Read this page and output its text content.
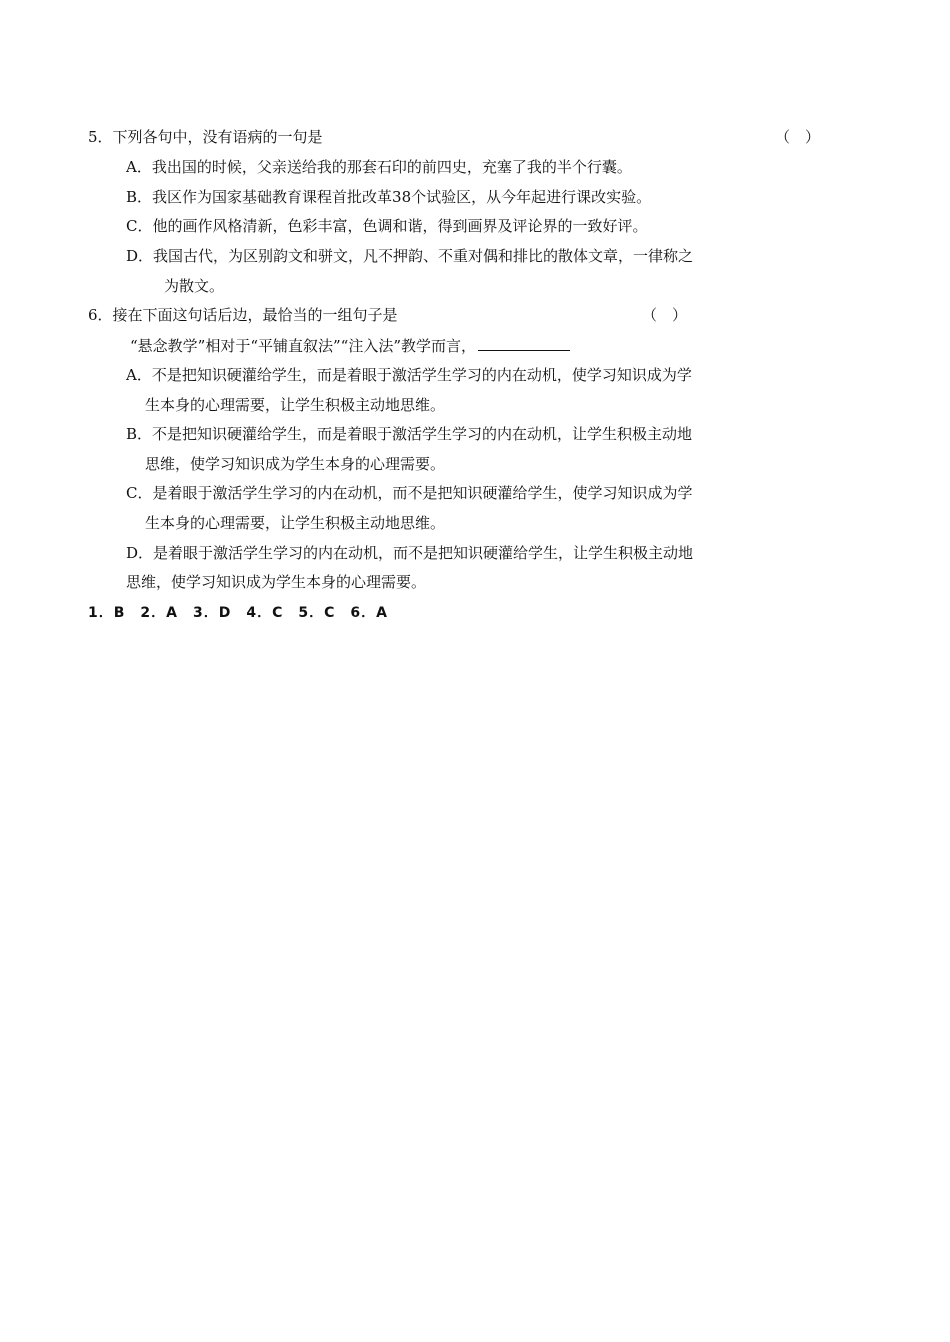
5．下列各句中，没有语病的一句是	（　）
A．我出国的时候，父亲送给我的那套石印的前四史，充塞了我的半个行囊。
B．我区作为国家基础教育课程首批改革38个试验区，从今年起进行课改实验。
C．他的画作风格清新，色彩丰富，色调和谐，得到画界及评论界的一致好评。
D．我国古代，为区别韵文和骈文，凡不押韵、不重对偶和排比的散体文章，一律称之
为散文。
6．接在下面这句话后边，最恰当的一组句子是	（　）
“悬念教学”相对于“平铺直叙法”“注入法”教学而言，
A．不是把知识硬灌给学生，而是着眼于激活学生学习的内在动机，使学习知识成为学
生本身的心理需要，让学生积极主动地思维。
B．不是把知识硬灌给学生，而是着眼于激活学生学习的内在动机，让学生积极主动地
思维，使学习知识成为学生本身的心理需要。
C．是着眼于激活学生学习的内在动机，而不是把知识硬灌给学生，使学习知识成为学
生本身的心理需要，让学生积极主动地思维。
D．是着眼于激活学生学习的内在动机，而不是把知识硬灌给学生，让学生积极主动地
思维，使学习知识成为学生本身的心理需要。
1．B　2．A　3．D　4．C　5．C　6．A
